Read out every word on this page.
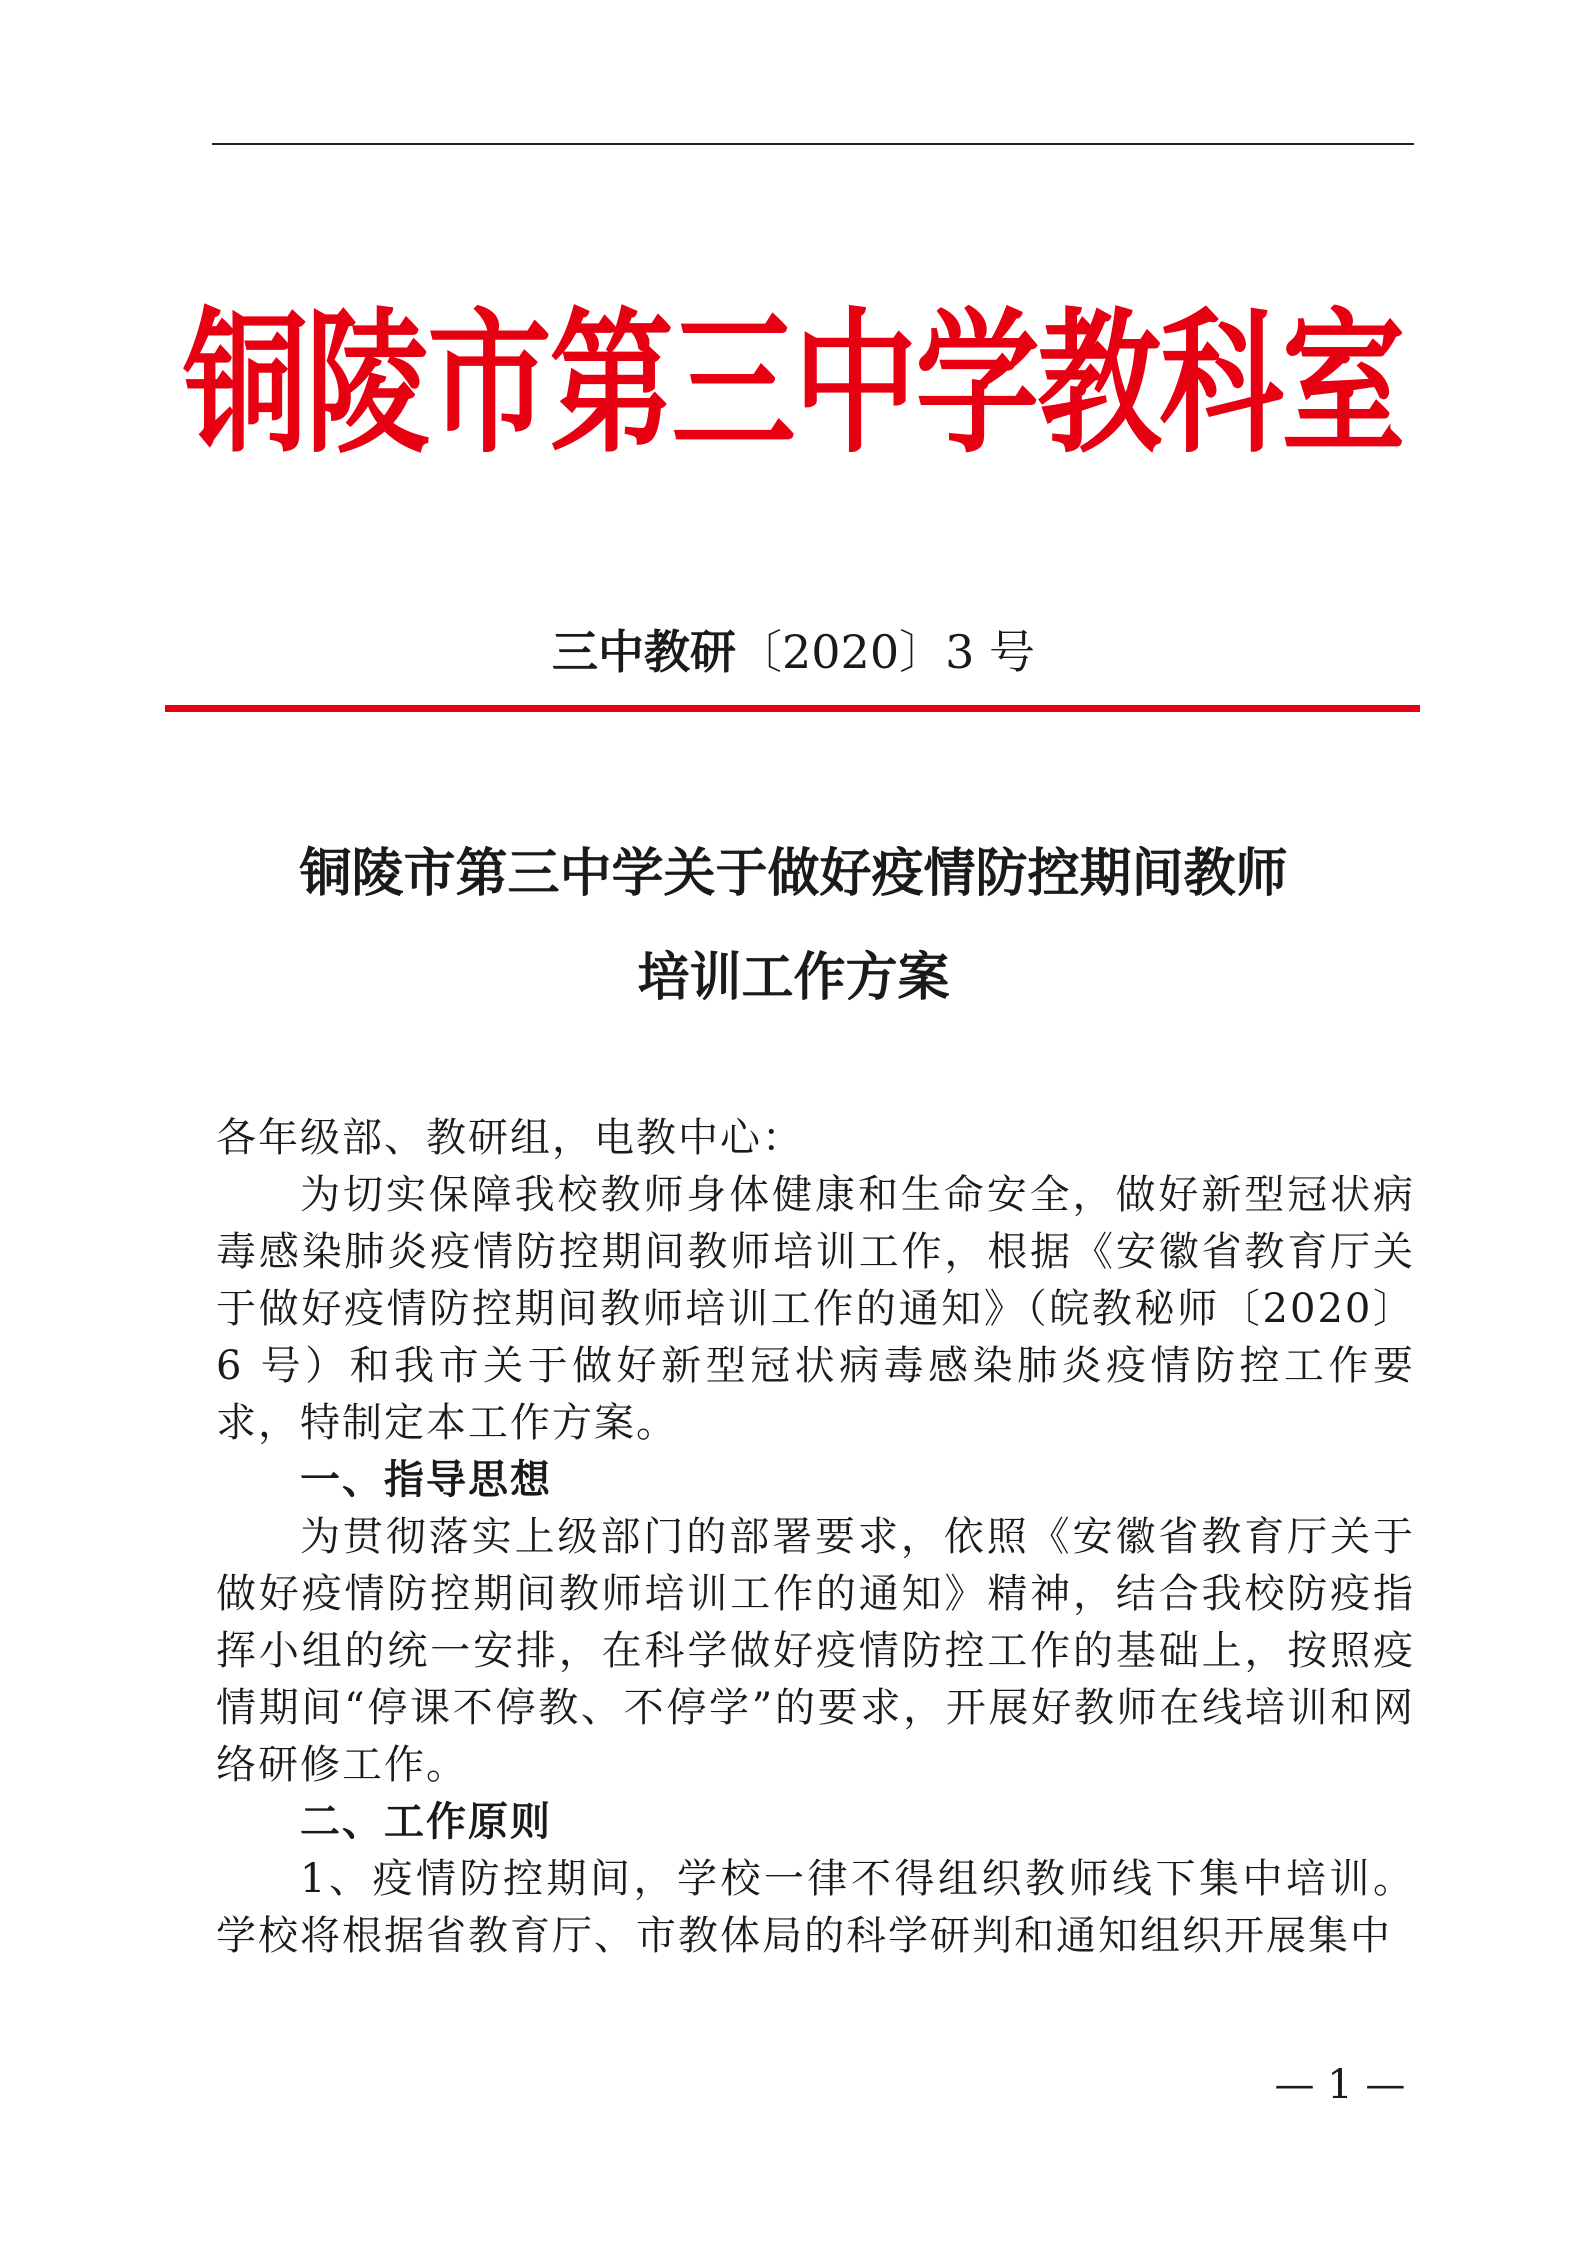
铜陵市第三中学教科室
三中教研〔2020〕3 号
铜陵市第三中学关于做好疫情防控期间教师
培训工作方案

各年级部、教研组，电教中心：

为切实保障我校教师身体健康和生命安全，做好新型冠状病毒感染肺炎疫情防控期间教师培训工作，根据《安徽省教育厅关于做好疫情防控期间教师培训工作的通知》（皖教秘师〔2020〕6 号）和我市关于做好新型冠状病毒感染肺炎疫情防控工作要求，特制定本工作方案。

一、指导思想

为贯彻落实上级部门的部署要求，依照《安徽省教育厅关于做好疫情防控期间教师培训工作的通知》精神，结合我校防疫指挥小组的统一安排，在科学做好疫情防控工作的基础上，按照疫情期间“停课不停教、不停学”的要求，开展好教师在线培训和网络研修工作。

二、工作原则

1、疫情防控期间，学校一律不得组织教师线下集中培训。学校将根据省教育厅、市教体局的科学研判和通知组织开展集中

— 1 —
